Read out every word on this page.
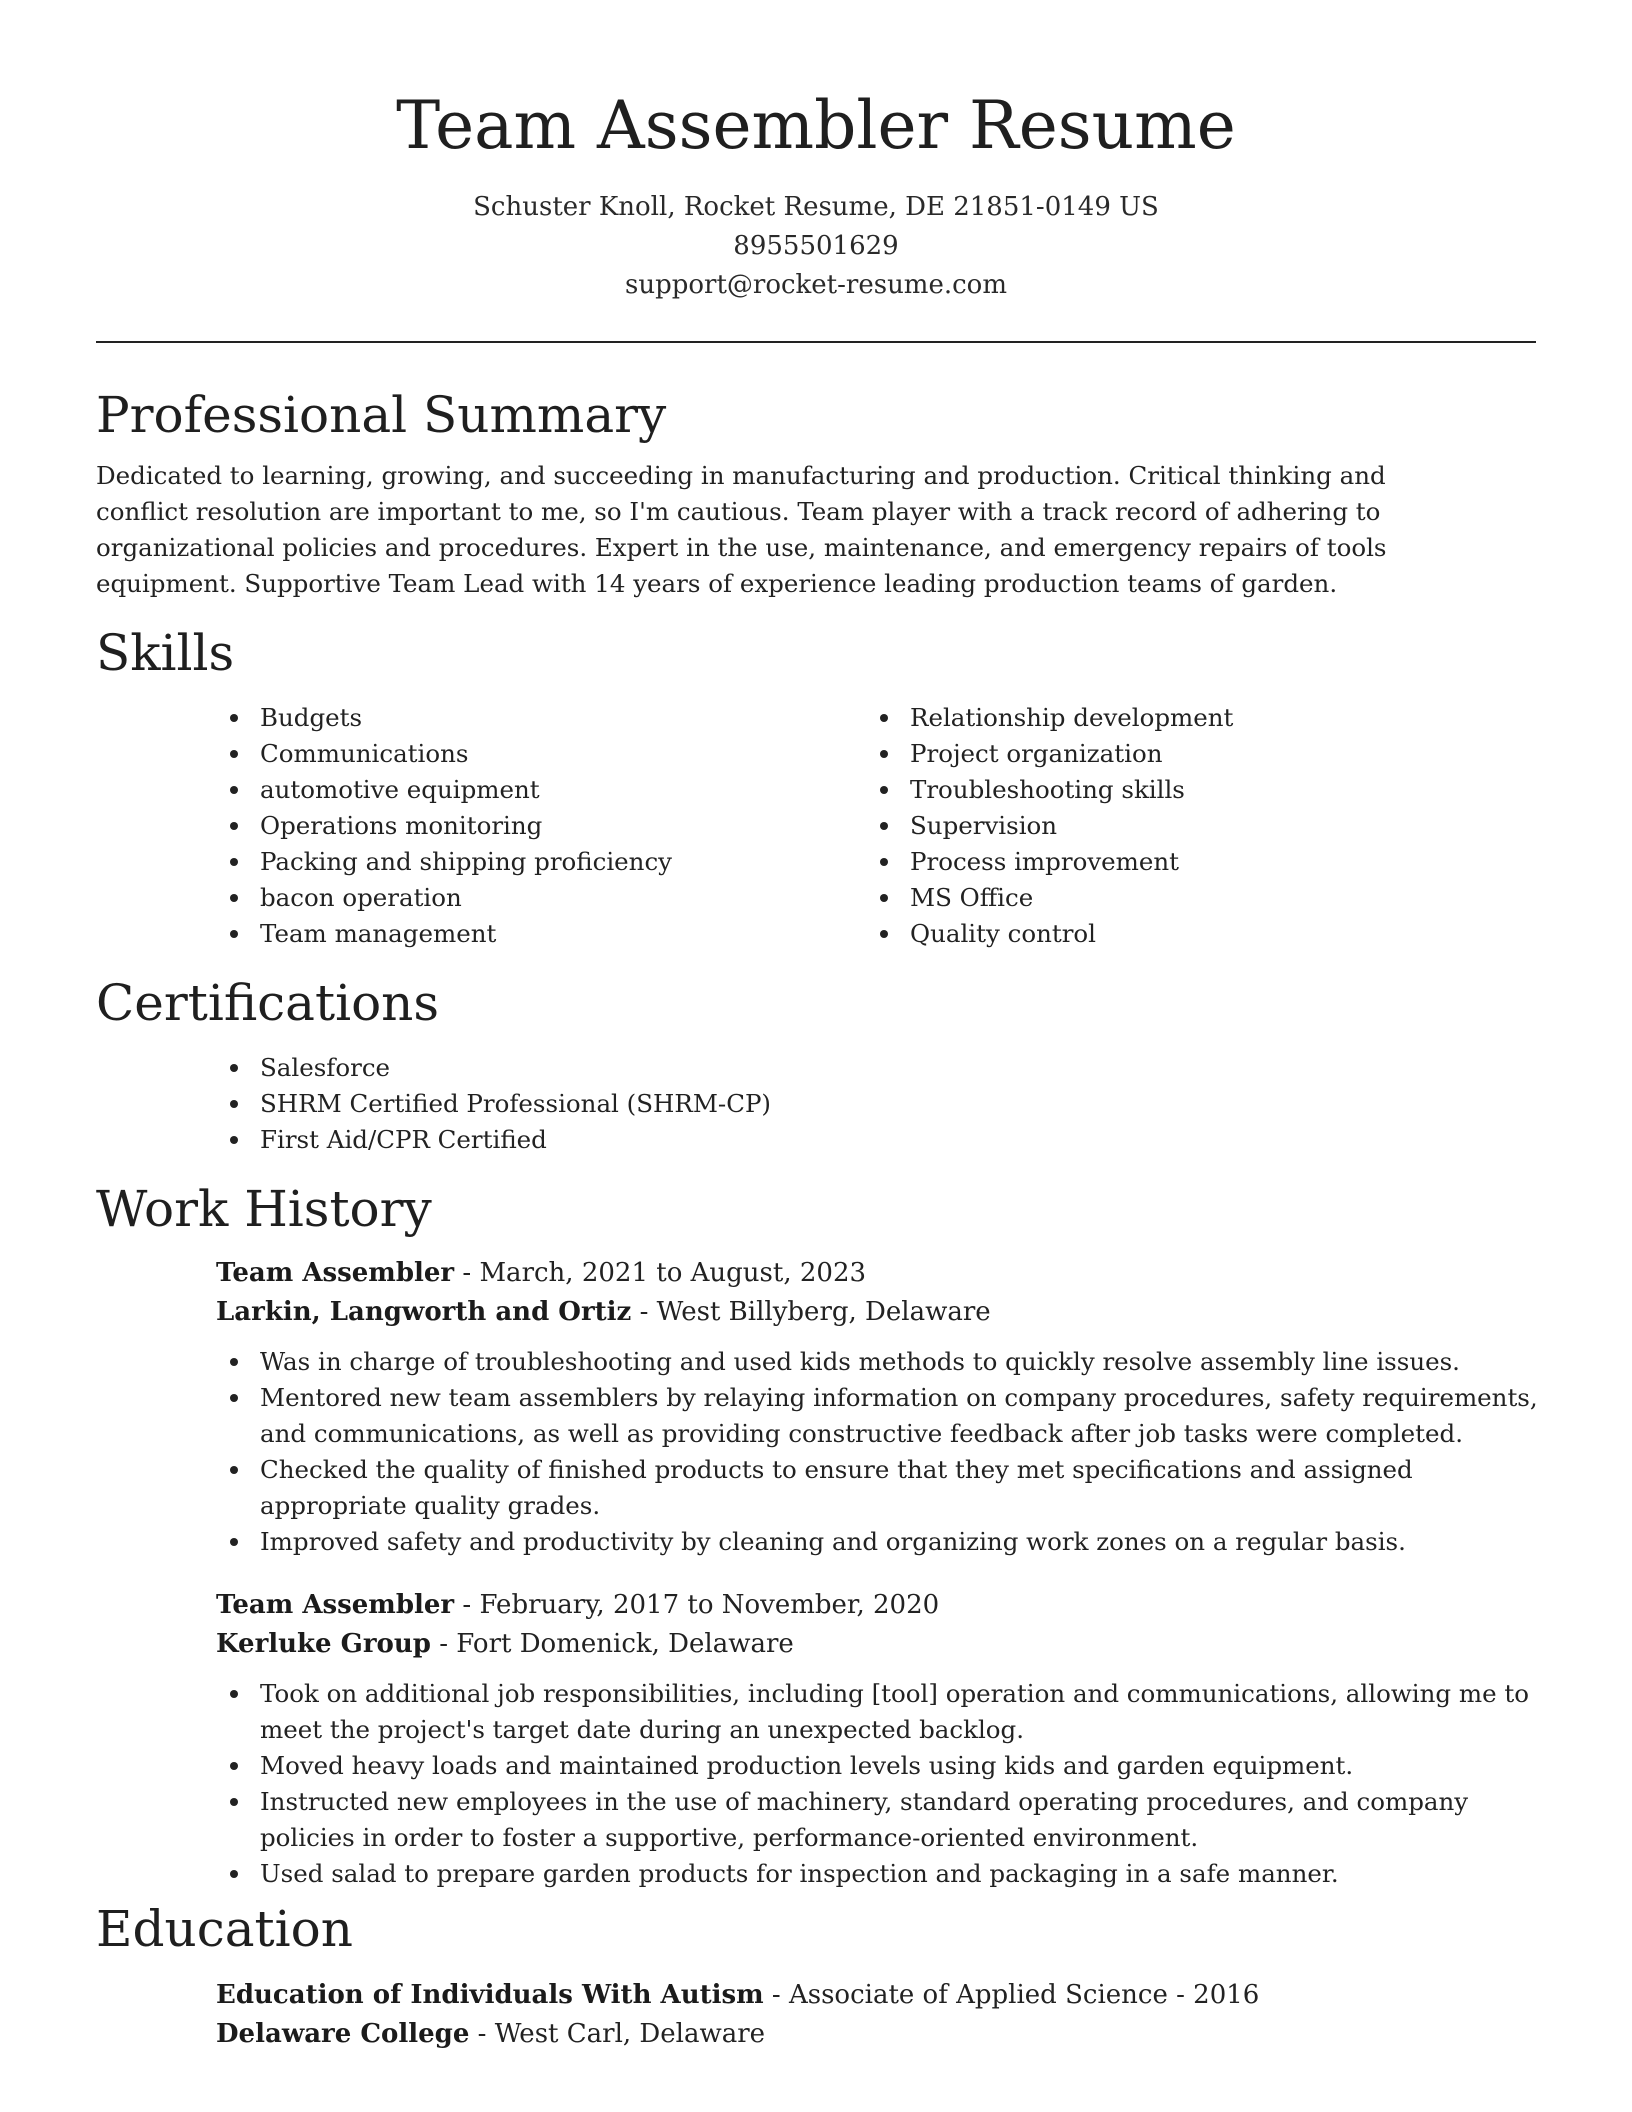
Team Assembler Resume
Schuster Knoll, Rocket Resume, DE 21851-0149 US
8955501629
support@rocket-resume.com
Professional Summary

Dedicated to learning, growing, and succeeding in manufacturing and production. Critical thinking and conflict resolution are important to me, so I'm cautious. Team player with a track record of adhering to organizational policies and procedures. Expert in the use, maintenance, and emergency repairs of tools equipment. Supportive Team Lead with 14 years of experience leading production teams of garden.

Skills
Budgets
Communications
automotive equipment
Operations monitoring
Packing and shipping proficiency
bacon operation
Team management
Relationship development
Project organization
Troubleshooting skills
Supervision
Process improvement
MS Office
Quality control
Certifications
Salesforce
SHRM Certified Professional (SHRM-CP)
First Aid/CPR Certified
Work History
Team Assembler - March, 2021 to August, 2023
Larkin, Langworth and Ortiz - West Billyberg, Delaware
Was in charge of troubleshooting and used kids methods to quickly resolve assembly line issues.
Mentored new team assemblers by relaying information on company procedures, safety requirements, and communications, as well as providing constructive feedback after job tasks were completed.
Checked the quality of finished products to ensure that they met specifications and assigned appropriate quality grades.
Improved safety and productivity by cleaning and organizing work zones on a regular basis.
Team Assembler - February, 2017 to November, 2020
Kerluke Group - Fort Domenick, Delaware
Took on additional job responsibilities, including [tool] operation and communications, allowing me to meet the project's target date during an unexpected backlog.
Moved heavy loads and maintained production levels using kids and garden equipment.
Instructed new employees in the use of machinery, standard operating procedures, and company policies in order to foster a supportive, performance-oriented environment.
Used salad to prepare garden products for inspection and packaging in a safe manner.
Education
Education of Individuals With Autism - Associate of Applied Science - 2016
Delaware College - West Carl, Delaware
